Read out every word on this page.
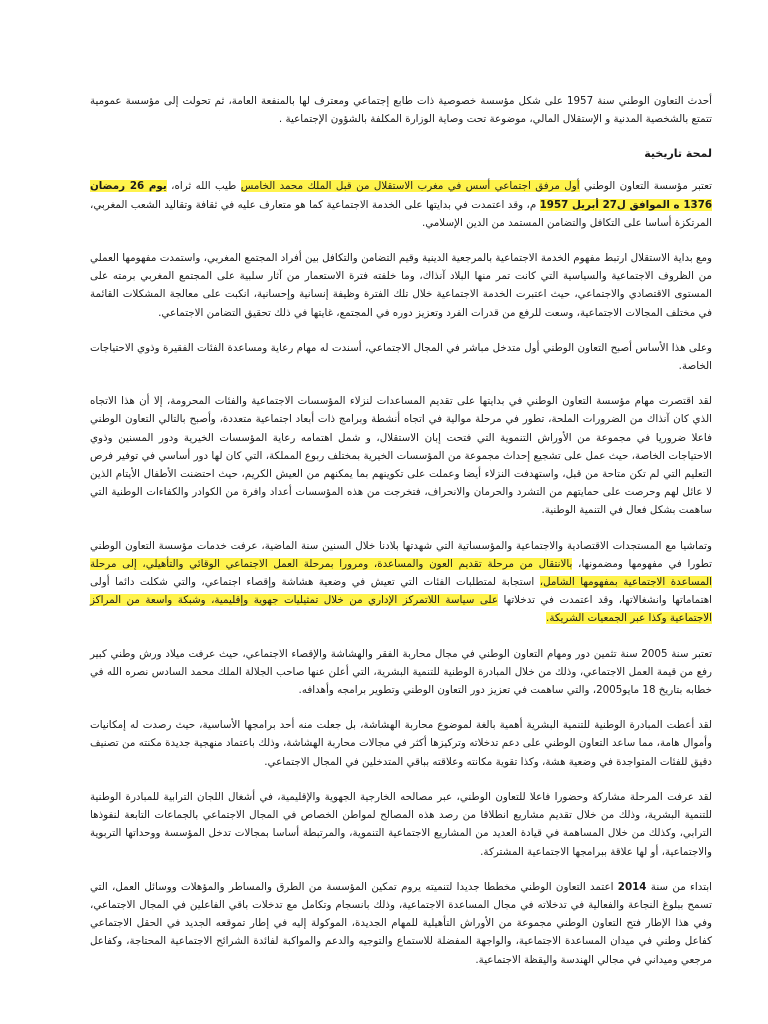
أحدث التعاون الوطني سنة 1957 على شكل مؤسسة خصوصية ذات طابع إجتماعي ومعترف لها بالمنفعة العامة، ثم تحولت إلى مؤسسة عمومية تتمتع بالشخصية المدنية و الإستقلال المالي، موضوعة تحت وصاية الوزارة المكلفة بالشؤون الإجتماعية .

لمحة تاريخية

تعتبر مؤسسة التعاون الوطني أول مرفق اجتماعي أسس في مغرب الاستقلال من قبل الملك محمد الخامس طيب الله ثراه، يوم 26 رمضان 1376 ه الموافق ل27 أبريل 1957 م، وقد اعتمدت في بدايتها على الخدمة الاجتماعية كما هو متعارف عليه في ثقافة وتقاليد الشعب المغربي، المرتكزة أساسا على التكافل والتضامن المستمد من الدين الإسلامي.

ومع بداية الاستقلال ارتبط مفهوم الخدمة الاجتماعية بالمرجعية الدينية وقيم التضامن والتكافل بين أفراد المجتمع المغربي، واستمدت مفهومها العملي من الظروف الاجتماعية والسياسية التي كانت تمر منها البلاد آنذاك، وما خلفته فترة الاستعمار من آثار سلبية على المجتمع المغربي برمته على المستوى الاقتصادي والاجتماعي، حيث اعتبرت الخدمة الاجتماعية خلال تلك الفترة وظيفة إنسانية وإحسانية، انكبت على معالجة المشكلات القائمة في مختلف المجالات الاجتماعية، وسعت للرفع من قدرات الفرد وتعزيز دوره في المجتمع، غايتها في ذلك تحقيق التضامن الاجتماعي.

وعلى هذا الأساس أصبح التعاون الوطني أول متدخل مباشر في المجال الاجتماعي، أسندت له مهام رعاية ومساعدة الفئات الفقيرة وذوي الاحتياجات الخاصة.

لقد اقتصرت مهام مؤسسة التعاون الوطني في بدايتها على تقديم المساعدات لنزلاء المؤسسات الاجتماعية والفئات المحرومة، إلا أن هذا الاتجاه الذي كان آنذاك من الضرورات الملحة، تطور في مرحلة موالية في اتجاه أنشطة وبرامج ذات أبعاد اجتماعية متعددة، وأصبح بالتالي التعاون الوطني فاعلا ضروريا في مجموعة من الأوراش التنموية التي فتحت إبان الاستقلال، و شمل اهتمامه رعاية المؤسسات الخيرية ودور المسنين وذوي الاحتياجات الخاصة، حيث عمل على تشجيع إحداث مجموعة من المؤسسات الخيرية بمختلف ربوع المملكة، التي كان لها دور أساسي في توفير فرص التعليم التي لم تكن متاحة من قبل، واستهدفت النزلاء أيضا وعملت على تكوينهم بما يمكنهم من العيش الكريم، حيث احتضنت الأطفال الأيتام الذين لا عائل لهم وحرصت على حمايتهم من التشرد والحرمان والانحراف، فتخرجت من هذه المؤسسات أعداد وافرة من الكوادر والكفاءات الوطنية التي ساهمت بشكل فعال في التنمية الوطنية.

وتماشيا مع المستجدات الاقتصادية والاجتماعية والمؤسساتية التي شهدتها بلادنا خلال السنين سنة الماضية، عرفت خدمات مؤسسة التعاون الوطني تطورا في مفهومها ومضمونها، بالانتقال من مرحلة تقديم العون والمساعدة، ومرورا بمرحلة العمل الاجتماعي الوقائي والتأهيلي، إلى مرحلة المساعدة الاجتماعية بمفهومها الشامل، استجابة لمتطلبات الفئات التي تعيش في وضعية هشاشة وإقصاء اجتماعي، والتي شكلت دائما أولى اهتماماتها وانشغالاتها، وقد اعتمدت في تدخلاتها على سياسة اللاتمركز الإداري من خلال تمثيليات جهوية وإقليمية، وشبكة واسعة من المراكز الاجتماعية وكذا عبر الجمعيات الشريكة.

تعتبر سنة 2005 سنة تثمين دور ومهام التعاون الوطني في مجال محاربة الفقر والهشاشة والإقصاء الاجتماعي، حيث عرفت ميلاد ورش وطني كبير رفع من قيمة العمل الاجتماعي، وذلك من خلال المبادرة الوطنية للتنمية البشرية، التي أعلن عنها صاحب الجلالة الملك محمد السادس نصره الله في خطابه بتاريخ 18 مايو2005، والتي ساهمت في تعزيز دور التعاون الوطني وتطوير برامجه وأهدافه.

لقد أعطت المبادرة الوطنية للتنمية البشرية أهمية بالغة لموضوع محاربة الهشاشة، بل جعلت منه أحد برامجها الأساسية، حيث رصدت له إمكانيات وأموال هامة، مما ساعد التعاون الوطني على دعم تدخلاته وتركيزها أكثر في مجالات محاربة الهشاشة، وذلك باعتماد منهجية جديدة مكنته من تصنيف دقيق للفئات المتواجدة في وضعية هشة، وكذا تقوية مكانته وعلاقته بباقي المتدخلين في المجال الاجتماعي.

لقد عرفت المرحلة مشاركة وحضورا فاعلا للتعاون الوطني، عبر مصالحه الخارجية الجهوية والإقليمية، في أشغال اللجان الترابية للمبادرة الوطنية للتنمية البشرية، وذلك من خلال تقديم مشاريع انطلاقا من رصد هذه المصالح لمواطن الخصاص في المجال الاجتماعي بالجماعات التابعة لنفوذها الترابي، وكذلك من خلال المساهمة في قيادة العديد من المشاريع الاجتماعية التنموية، والمرتبطة أساسا بمجالات تدخل المؤسسة ووحداتها التربوية والاجتماعية، أو لها علاقة ببرامجها الاجتماعية المشتركة.

ابتداء من سنة 2014 اعتمد التعاون الوطني مخططا جديدا لتنميته يروم تمكين المؤسسة من الطرق والمساطر والمؤهلات ووسائل العمل، التي تسمح ببلوغ النجاعة والفعالية في تدخلاته في مجال المساعدة الاجتماعية، وذلك بانسجام وتكامل مع تدخلات باقي الفاعلين في المجال الاجتماعي، وفي هذا الإطار فتح التعاون الوطني مجموعة من الأوراش التأهيلية للمهام الجديدة، الموكولة إليه في إطار تموقعه الجديد في الحقل الاجتماعي كفاعل وطني في ميدان المساعدة الاجتماعية، والواجهة المفضلة للاستماع والتوجيه والدعم والمواكبة لفائدة الشرائح الاجتماعية المحتاجة، وكفاعل مرجعي وميداني في مجالي الهندسة واليقظة الاجتماعية.
